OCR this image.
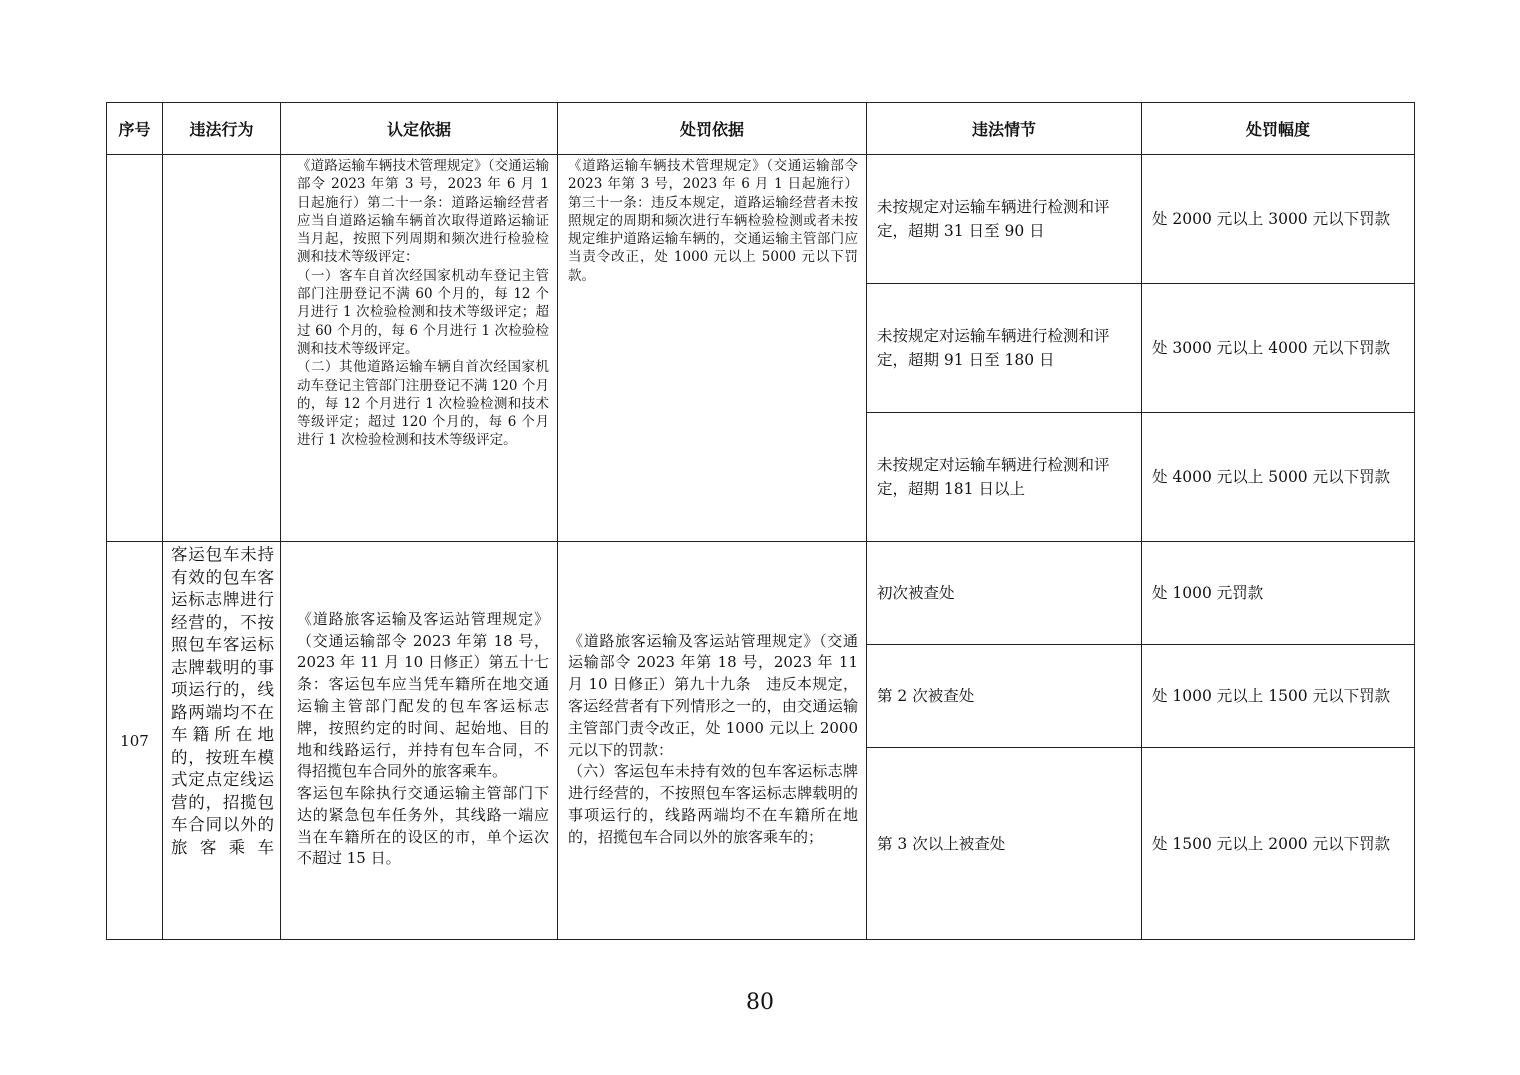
序号	违法行为	认定依据	处罚依据	违法情节	处罚幅度

		《道路运输车辆技术管理规定》（交通运输部令 2023 年第 3 号，2023 年 6 月 1 日起施行）第二十一条：道路运输经营者应当自道路运输车辆首次取得道路运输证当月起，按照下列周期和频次进行检验检测和技术等级评定：
（一）客车自首次经国家机动车登记主管部门注册登记不满 60 个月的，每 12 个月进行 1 次检验检测和技术等级评定；超过 60 个月的，每 6 个月进行 1 次检验检测和技术等级评定。
（二）其他道路运输车辆自首次经国家机动车登记主管部门注册登记不满 120 个月的，每 12 个月进行 1 次检验检测和技术等级评定；超过 120 个月的，每 6 个月进行 1 次检验检测和技术等级评定。	《道路运输车辆技术管理规定》（交通运输部令 2023 年第 3 号，2023 年 6 月 1 日起施行）第三十一条：违反本规定，道路运输经营者未按照规定的周期和频次进行车辆检验检测或者未按规定维护道路运输车辆的，交通运输主管部门应当责令改正，处 1000 元以上 5000 元以下罚款。	未按规定对运输车辆进行检测和评定，超期 31 日至 90 日	处 2000 元以上 3000 元以下罚款
				未按规定对运输车辆进行检测和评定，超期 91 日至 180 日	处 3000 元以上 4000 元以下罚款
				未按规定对运输车辆进行检测和评定，超期 181 日以上	处 4000 元以上 5000 元以下罚款
107	客运包车未持有效的包车客运标志牌进行经营的，不按照包车客运标志牌载明的事项运行的，线路两端均不在车籍所在地的，按班车模式定点定线运营的，招揽包车合同以外的旅客乘车	《道路旅客运输及客运站管理规定》（交通运输部令 2023 年第 18 号，2023 年 11 月 10 日修正）第五十七条：客运包车应当凭车籍所在地交通运输主管部门配发的包车客运标志牌，按照约定的时间、起始地、目的地和线路运行，并持有包车合同，不得招揽包车合同外的旅客乘车。
客运包车除执行交通运输主管部门下达的紧急包车任务外，其线路一端应当在车籍所在的设区的市，单个运次不超过 15 日。	《道路旅客运输及客运站管理规定》（交通运输部令 2023 年第 18 号，2023 年 11 月 10 日修正）第九十九条　违反本规定，客运经营者有下列情形之一的，由交通运输主管部门责令改正，处 1000 元以上 2000 元以下的罚款：
（六）客运包车未持有效的包车客运标志牌进行经营的，不按照包车客运标志牌载明的事项运行的，线路两端均不在车籍所在地的，招揽包车合同以外的旅客乘车的；	初次被查处	处 1000 元罚款
				第 2 次被查处	处 1000 元以上 1500 元以下罚款
				第 3 次以上被查处	处 1500 元以上 2000 元以下罚款
80
